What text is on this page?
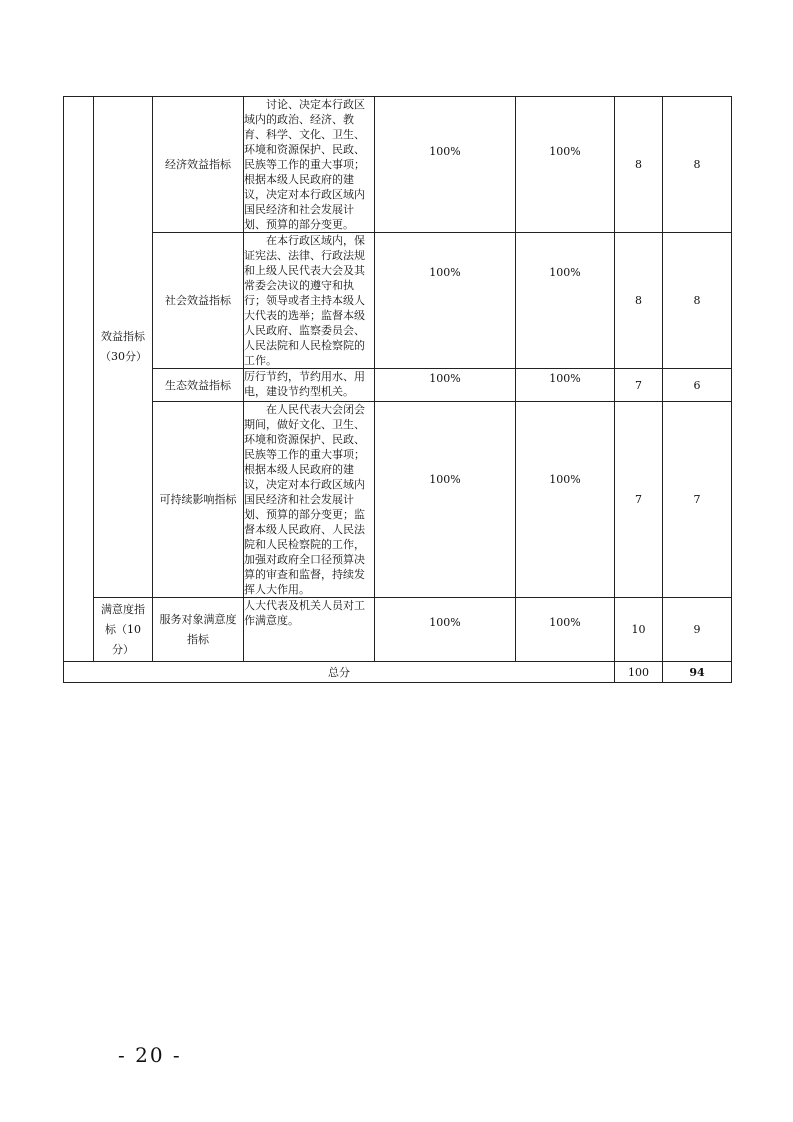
	效益指标（30分）	经济效益指标	讨论、决定本行政区域内的政治、经济、教育、科学、文化、卫生、环境和资源保护、民政、民族等工作的重大事项；根据本级人民政府的建议，决定对本行政区域内国民经济和社会发展计划、预算的部分变更。	100%	100%	8	8
		社会效益指标	在本行政区域内，保证宪法、法律、行政法规和上级人民代表大会及其常委会决议的遵守和执行；领导或者主持本级人大代表的选举；监督本级人民政府、监察委员会、人民法院和人民检察院的工作。	100%	100%	8	8
		生态效益指标	厉行节约，节约用水、用电，建设节约型机关。	100%	100%	7	6

		可持续影响指标	在人民代表大会闭会期间，做好文化、卫生、环境和资源保护、民政、民族等工作的重大事项；根据本级人民政府的建议，决定对本行政区域内国民经济和社会发展计划、预算的部分变更；监督本级人民政府、人民法院和人民检察院的工作，加强对政府全口径预算决算的审查和监督，持续发挥人大作用。	100%	100%	7	7

	满意度指标（10分）	服务对象满意度指标	人大代表及机关人员对工作满意度。	100%	100%	10	9
总分						100	94
- 20 -
